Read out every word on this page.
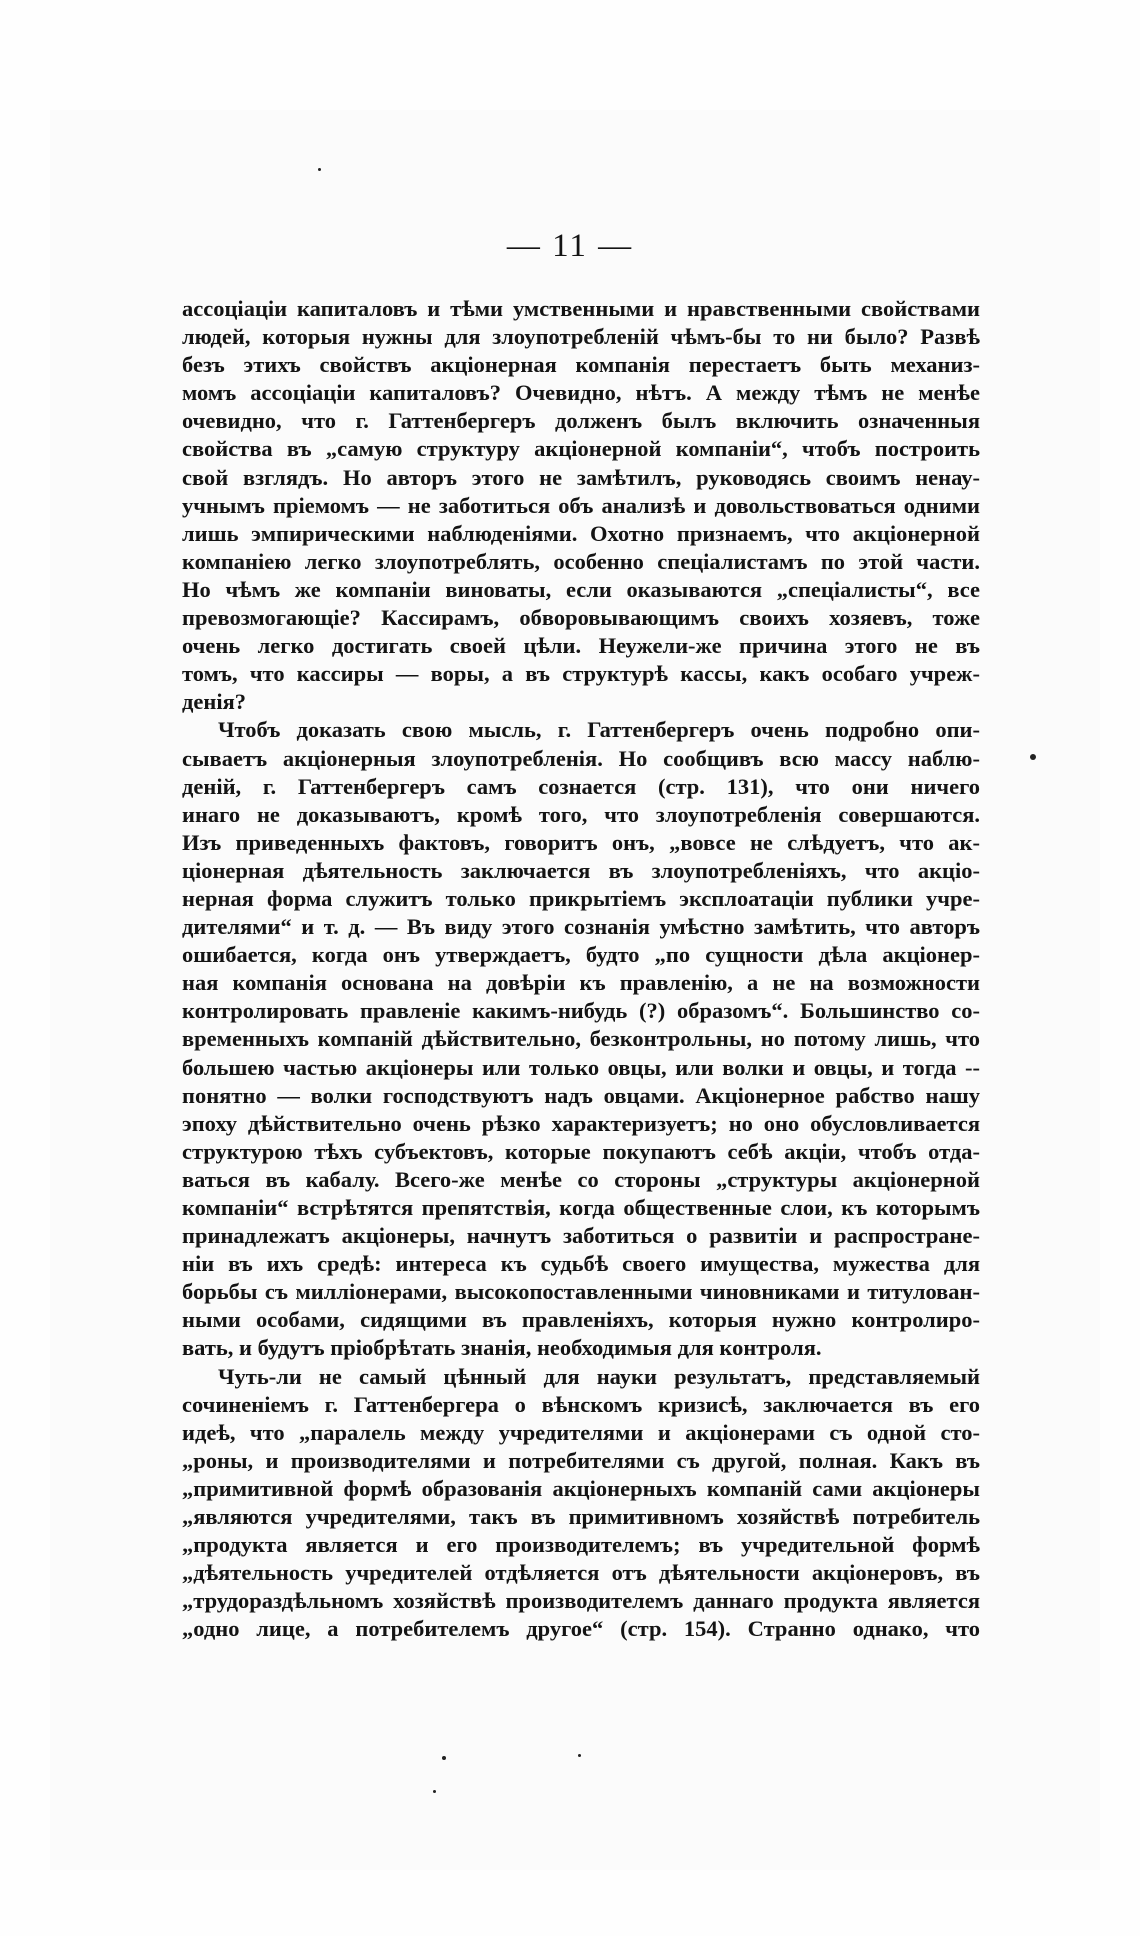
— 11 —
ассоціаціи капиталовъ и тѣми умственными и нравственными свойствами
людей, которыя нужны для злоупотребленій чѣмъ-бы то ни было? Развѣ
безъ этихъ свойствъ акціонерная компанія перестаетъ быть механиз-
момъ ассоціаціи капиталовъ? Очевидно, нѣтъ. А между тѣмъ не менѣе
очевидно, что г. Гаттенбергеръ долженъ былъ включить означенныя
свойства въ „самую структуру акціонерной компаніи“, чтобъ построить
свой взглядъ. Но авторъ этого не замѣтилъ, руководясь своимъ ненау-
учнымъ пріемомъ — не заботиться объ анализѣ и довольствоваться одними
лишь эмпирическими наблюденіями. Охотно признаемъ, что акціонерной
компаніею легко злоупотреблять, особенно спеціалистамъ по этой части.
Но чѣмъ же компаніи виноваты, если оказываются „спеціалисты“, все
превозмогающіе? Кассирамъ, обворовывающимъ своихъ хозяевъ, тоже
очень легко достигать своей цѣли. Неужели-же причина этого не въ
томъ, что кассиры — воры, а въ структурѣ кассы, какъ особаго учреж-
денія?
Чтобъ доказать свою мысль, г. Гаттенбергеръ очень подробно опи-
сываетъ акціонерныя злоупотребленія. Но сообщивъ всю массу наблю-
деній, г. Гаттенбергеръ самъ сознается (стр. 131), что они ничего
инаго не доказываютъ, кромѣ того, что злоупотребленія совершаются.
Изъ приведенныхъ фактовъ, говоритъ онъ, „вовсе не слѣдуетъ, что ак-
ціонерная дѣятельность заключается въ злоупотребленіяхъ, что акціо-
нерная форма служитъ только прикрытіемъ эксплоатаціи публики учре-
дителями“ и т. д. — Въ виду этого сознанія умѣстно замѣтить, что авторъ
ошибается, когда онъ утверждаетъ, будто „по сущности дѣла акціонер-
ная компанія основана на довѣріи къ правленію, а не на возможности
контролировать правленіе какимъ-нибудь (?) образомъ“. Большинство со-
временныхъ компаній дѣйствительно, безконтрольны, но потому лишь, что
большею частью акціонеры или только овцы, или волки и овцы, и тогда --
понятно — волки господствуютъ надъ овцами. Акціонерное рабство нашу
эпоху дѣйствительно очень рѣзко характеризуетъ; но оно обусловливается
структурою тѣхъ субъектовъ, которые покупаютъ себѣ акціи, чтобъ отда-
ваться въ кабалу. Всего-же менѣе со стороны „структуры акціонерной
компаніи“ встрѣтятся препятствія, когда общественные слои, къ которымъ
принадлежатъ акціонеры, начнутъ заботиться о развитіи и распростране-
ніи въ ихъ средѣ: интереса къ судьбѣ своего имущества, мужества для
борьбы съ милліонерами, высокопоставленными чиновниками и титулован-
ными особами, сидящими въ правленіяхъ, которыя нужно контролиро-
вать, и будутъ пріобрѣтать знанія, необходимыя для контроля.
Чуть-ли не самый цѣнный для науки результатъ, представляемый
сочиненіемъ г. Гаттенбергера о вѣнскомъ кризисѣ, заключается въ его
идеѣ, что „паралель между учредителями и акціонерами съ одной сто-
„роны, и производителями и потребителями съ другой, полная. Какъ въ
„примитивной формѣ образованія акціонерныхъ компаній сами акціонеры
„являются учредителями, такъ въ примитивномъ хозяйствѣ потребитель
„продукта является и его производителемъ; въ учредительной формѣ
„дѣятельность учредителей отдѣляется отъ дѣятельности акціонеровъ, въ
„трудораздѣльномъ хозяйствѣ производителемъ даннаго продукта является
„одно лице, а потребителемъ другое“ (стр. 154). Странно однако, что
